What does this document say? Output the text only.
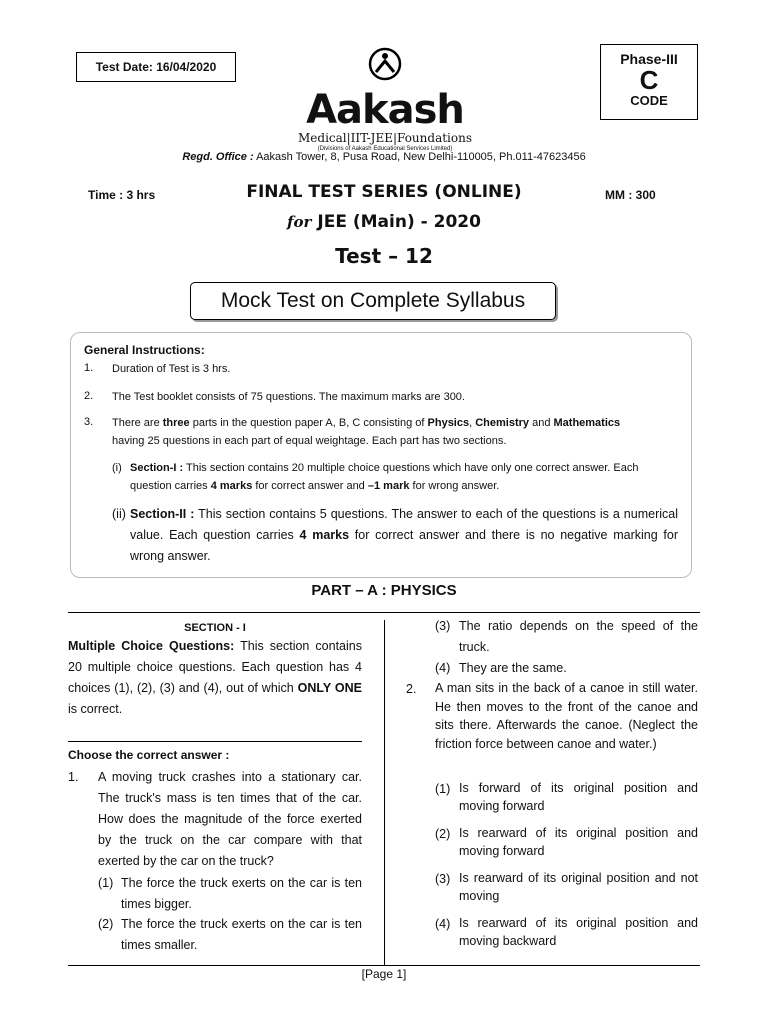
Test Date: 16/04/2020	Phase-III
C
CODE
Aakash
Medical|IIT-JEE|Foundations
(Divisions of Aakash Educational Services Limited)
Regd. Office : Aakash Tower, 8, Pusa Road, New Delhi-110005, Ph.011-47623456
Time : 3 hrs	MM : 300
FINAL TEST SERIES (ONLINE)
for JEE (Main) - 2020
Test – 12
Mock Test on Complete Syllabus
General Instructions:
1. Duration of Test is 3 hrs.
2. The Test booklet consists of 75 questions. The maximum marks are 300.
3. There are three parts in the question paper A, B, C consisting of Physics, Chemistry and Mathematics
having 25 questions in each part of equal weightage. Each part has two sections.
(i) Section-I : This section contains 20 multiple choice questions which have only one correct answer. Each
question carries 4 marks for correct answer and –1 mark for wrong answer.
(ii) Section-II : This section contains 5 questions. The answer to each of the questions is a numerical value. Each question carries 4 marks for correct answer and there is no negative marking for wrong answer.
PART – A : PHYSICS
SECTION - I
Multiple Choice Questions: This section contains 20 multiple choice questions. Each question has 4 choices (1), (2), (3) and (4), out of which ONLY ONE is correct.
Choose the correct answer :
1. A moving truck crashes into a stationary car. The truck's mass is ten times that of the car. How does the magnitude of the force exerted by the truck on the car compare with that exerted by the car on the truck?
(1) The force the truck exerts on the car is ten times bigger.
(2) The force the truck exerts on the car is ten times smaller.
(3) The ratio depends on the speed of the truck.
(4) They are the same.
2. A man sits in the back of a canoe in still water. He then moves to the front of the canoe and sits there. Afterwards the canoe. (Neglect the friction force between canoe and water.)
(1) Is forward of its original position and moving forward
(2) Is rearward of its original position and moving forward
(3) Is rearward of its original position and not moving
(4) Is rearward of its original position and moving backward
[Page 1]
